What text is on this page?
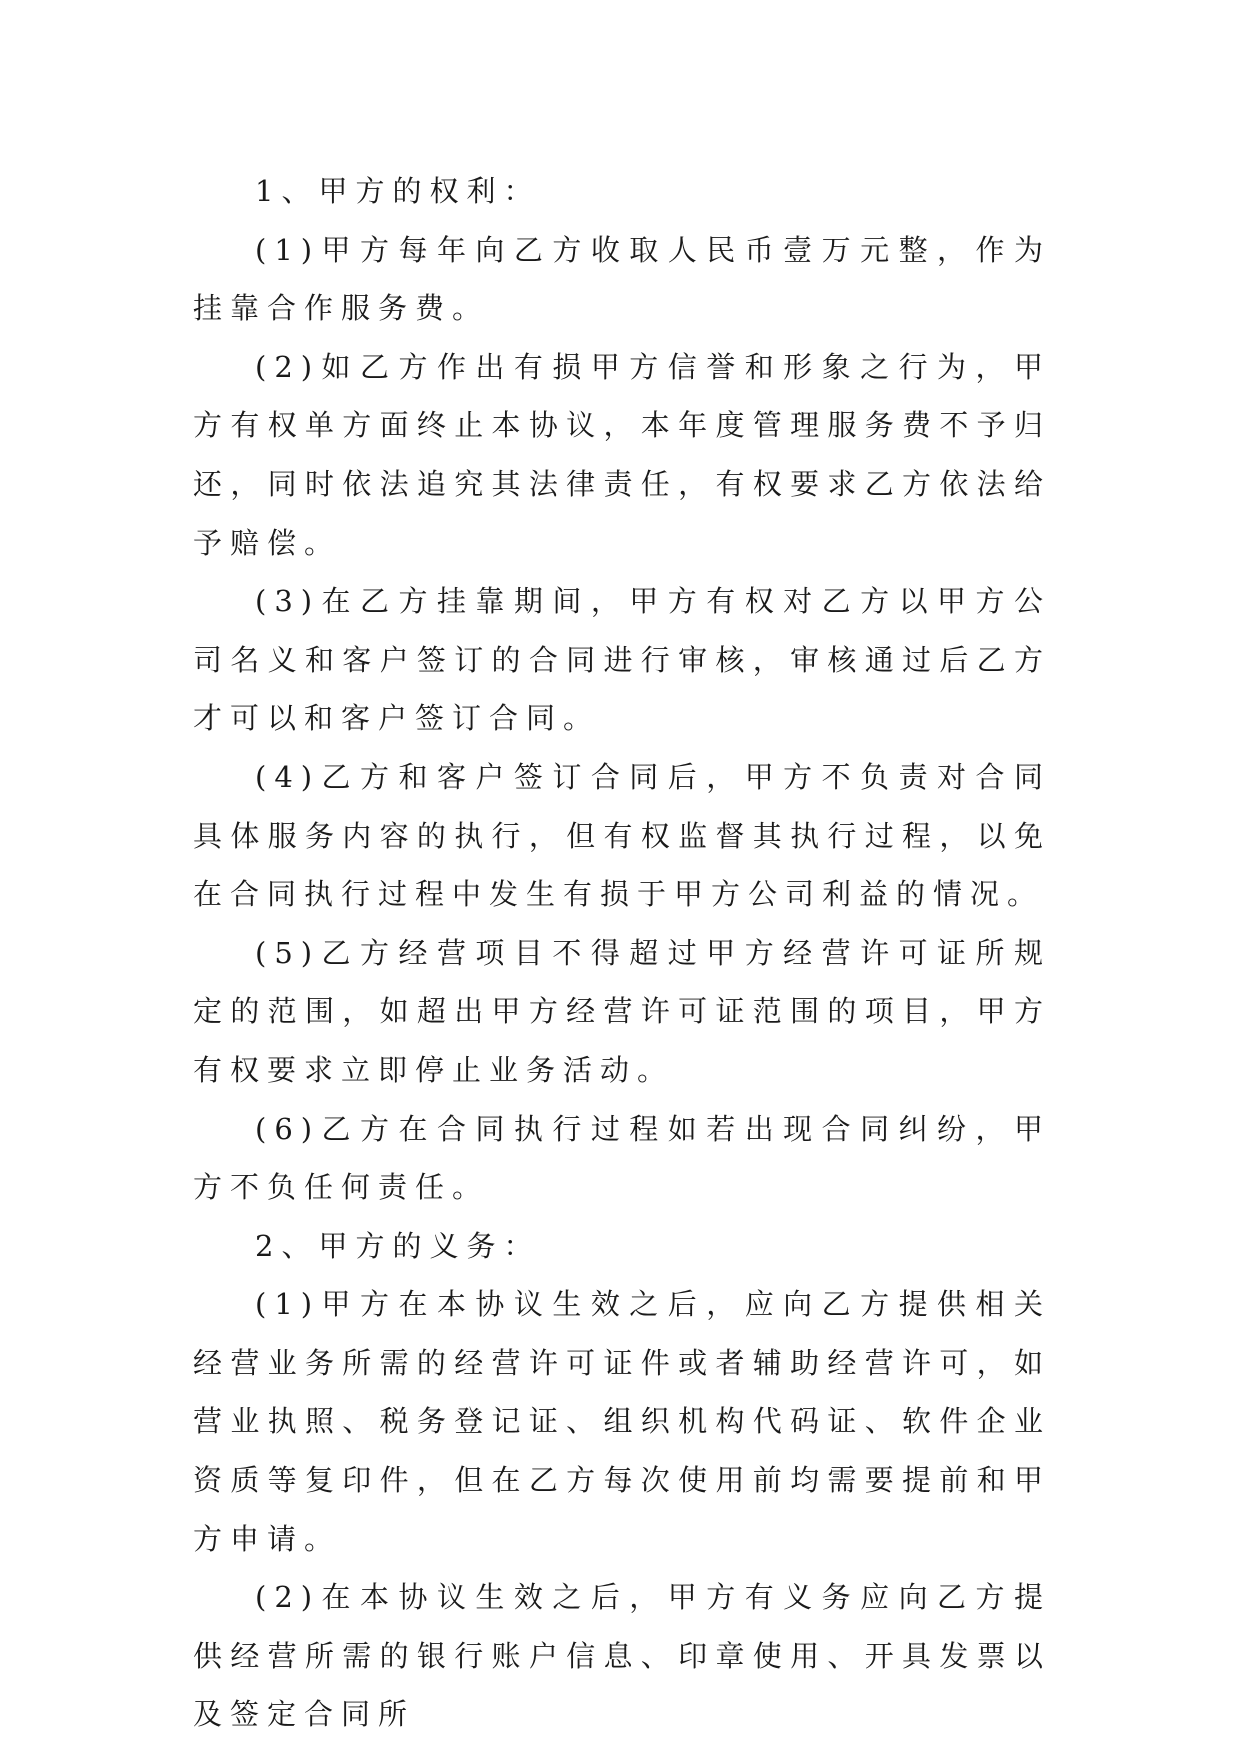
1、甲方的权利：

(1)甲方每年向乙方收取人民币壹万元整，作为挂靠合作服务费。

(2)如乙方作出有损甲方信誉和形象之行为，甲方有权单方面终止本协议，本年度管理服务费不予归还，同时依法追究其法律责任，有权要求乙方依法给予赔偿。

(3)在乙方挂靠期间，甲方有权对乙方以甲方公司名义和客户签订的合同进行审核，审核通过后乙方才可以和客户签订合同。

(4)乙方和客户签订合同后，甲方不负责对合同具体服务内容的执行，但有权监督其执行过程，以免在合同执行过程中发生有损于甲方公司利益的情况。

(5)乙方经营项目不得超过甲方经营许可证所规定的范围，如超出甲方经营许可证范围的项目，甲方有权要求立即停止业务活动。

(6)乙方在合同执行过程如若出现合同纠纷，甲方不负任何责任。

2、甲方的义务：

(1)甲方在本协议生效之后，应向乙方提供相关经营业务所需的经营许可证件或者辅助经营许可，如营业执照、税务登记证、组织机构代码证、软件企业资质等复印件，但在乙方每次使用前均需要提前和甲方申请。

(2)在本协议生效之后，甲方有义务应向乙方提供经营所需的银行账户信息、印章使用、开具发票以及签定合同所
